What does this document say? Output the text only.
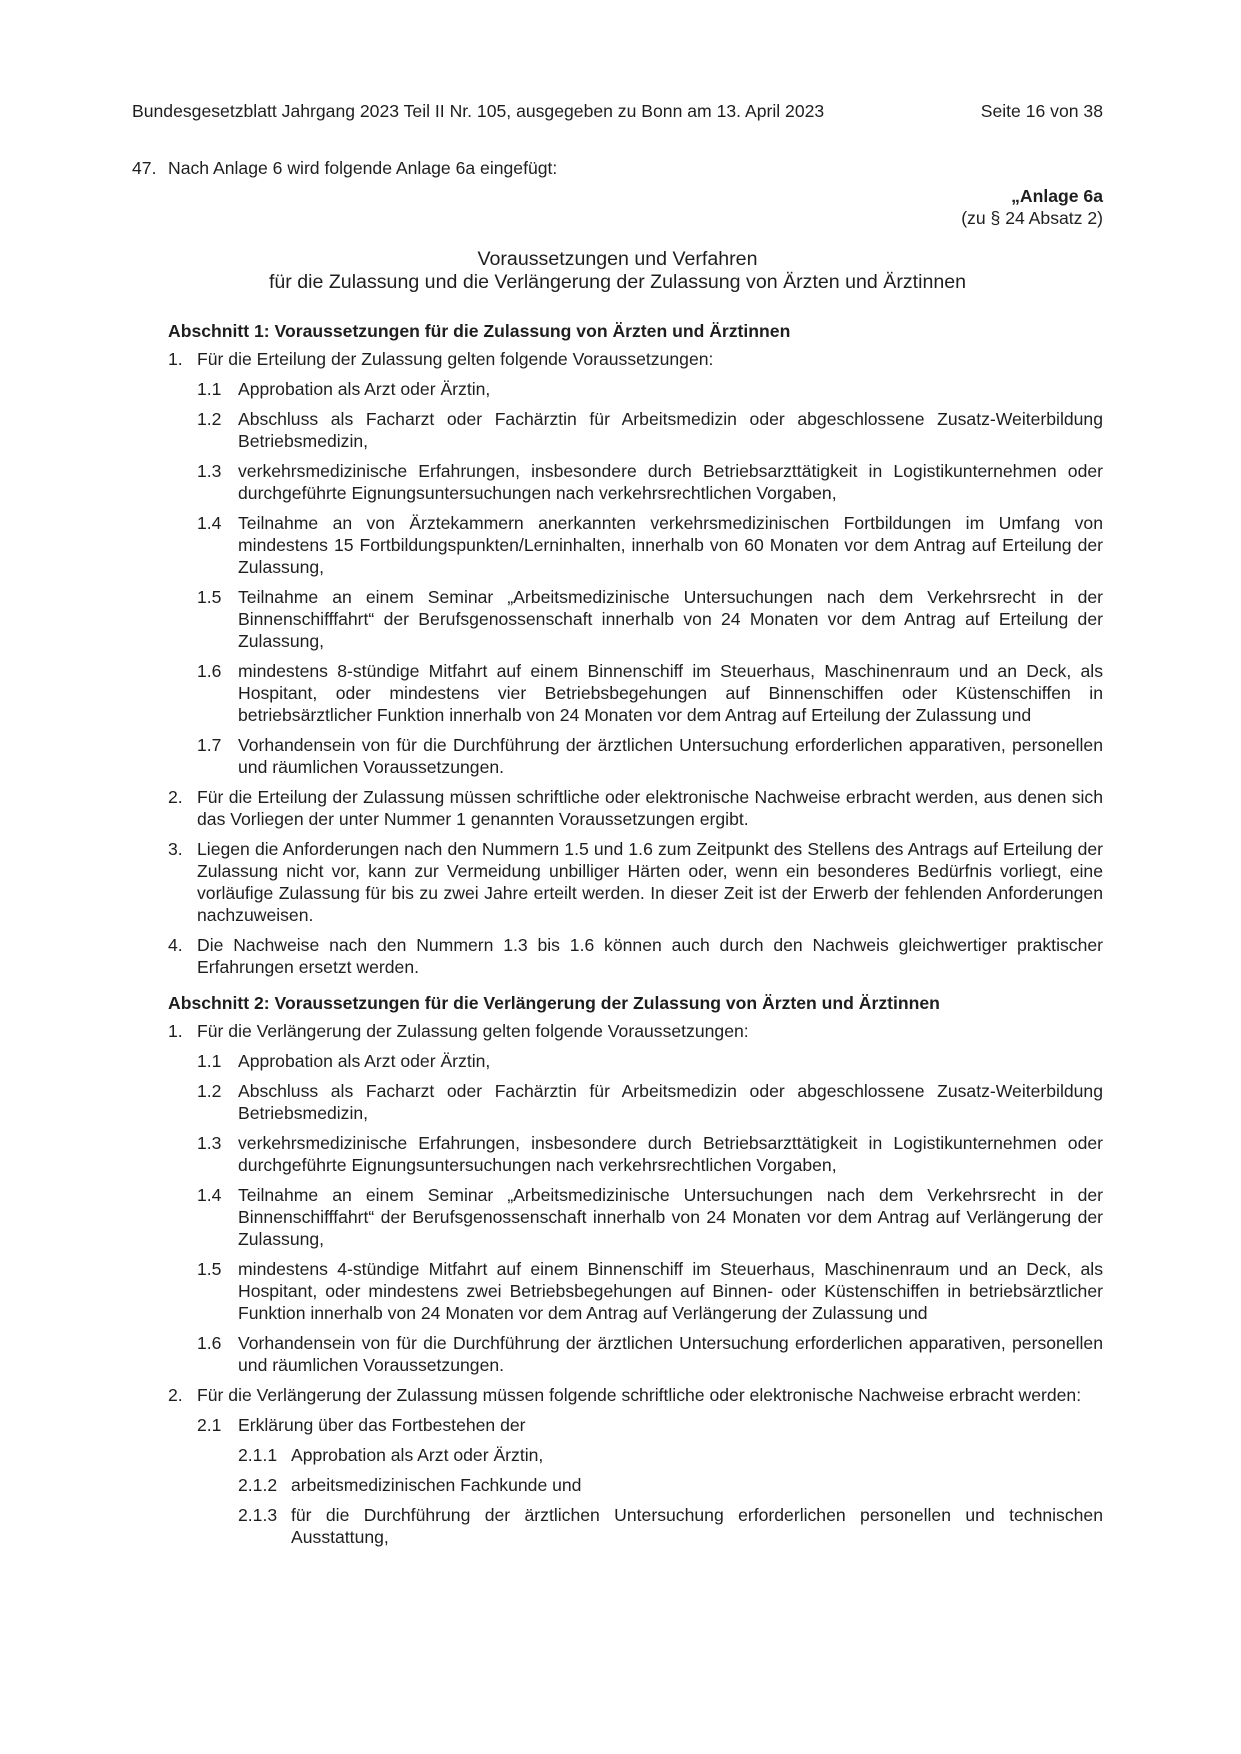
Bundesgesetzblatt Jahrgang 2023 Teil II Nr. 105, ausgegeben zu Bonn am 13. April 2023	Seite 16 von 38
47. Nach Anlage 6 wird folgende Anlage 6a eingefügt:
„Anlage 6a
(zu § 24 Absatz 2)
Voraussetzungen und Verfahren
für die Zulassung und die Verlängerung der Zulassung von Ärzten und Ärztinnen
Abschnitt 1: Voraussetzungen für die Zulassung von Ärzten und Ärztinnen
1. Für die Erteilung der Zulassung gelten folgende Voraussetzungen:
1.1 Approbation als Arzt oder Ärztin,
1.2 Abschluss als Facharzt oder Fachärztin für Arbeitsmedizin oder abgeschlossene Zusatz-Weiterbildung Betriebsmedizin,
1.3 verkehrsmedizinische Erfahrungen, insbesondere durch Betriebsarzttätigkeit in Logistikunternehmen oder durchgeführte Eignungsuntersuchungen nach verkehrsrechtlichen Vorgaben,
1.4 Teilnahme an von Ärztekammern anerkannten verkehrsmedizinischen Fortbildungen im Umfang von mindestens 15 Fortbildungspunkten/Lerninhalten, innerhalb von 60 Monaten vor dem Antrag auf Erteilung der Zulassung,
1.5 Teilnahme an einem Seminar „Arbeitsmedizinische Untersuchungen nach dem Verkehrsrecht in der Binnenschifffahrt“ der Berufsgenossenschaft innerhalb von 24 Monaten vor dem Antrag auf Erteilung der Zulassung,
1.6 mindestens 8-stündige Mitfahrt auf einem Binnenschiff im Steuerhaus, Maschinenraum und an Deck, als Hospitant, oder mindestens vier Betriebsbegehungen auf Binnenschiffen oder Küstenschiffen in betriebsärztlicher Funktion innerhalb von 24 Monaten vor dem Antrag auf Erteilung der Zulassung und
1.7 Vorhandensein von für die Durchführung der ärztlichen Untersuchung erforderlichen apparativen, personellen und räumlichen Voraussetzungen.
2. Für die Erteilung der Zulassung müssen schriftliche oder elektronische Nachweise erbracht werden, aus denen sich das Vorliegen der unter Nummer 1 genannten Voraussetzungen ergibt.
3. Liegen die Anforderungen nach den Nummern 1.5 und 1.6 zum Zeitpunkt des Stellens des Antrags auf Erteilung der Zulassung nicht vor, kann zur Vermeidung unbilliger Härten oder, wenn ein besonderes Bedürfnis vorliegt, eine vorläufige Zulassung für bis zu zwei Jahre erteilt werden. In dieser Zeit ist der Erwerb der fehlenden Anforderungen nachzuweisen.
4. Die Nachweise nach den Nummern 1.3 bis 1.6 können auch durch den Nachweis gleichwertiger praktischer Erfahrungen ersetzt werden.
Abschnitt 2: Voraussetzungen für die Verlängerung der Zulassung von Ärzten und Ärztinnen
1. Für die Verlängerung der Zulassung gelten folgende Voraussetzungen:
1.1 Approbation als Arzt oder Ärztin,
1.2 Abschluss als Facharzt oder Fachärztin für Arbeitsmedizin oder abgeschlossene Zusatz-Weiterbildung Betriebsmedizin,
1.3 verkehrsmedizinische Erfahrungen, insbesondere durch Betriebsarzttätigkeit in Logistikunternehmen oder durchgeführte Eignungsuntersuchungen nach verkehrsrechtlichen Vorgaben,
1.4 Teilnahme an einem Seminar „Arbeitsmedizinische Untersuchungen nach dem Verkehrsrecht in der Binnenschifffahrt“ der Berufsgenossenschaft innerhalb von 24 Monaten vor dem Antrag auf Verlängerung der Zulassung,
1.5 mindestens 4-stündige Mitfahrt auf einem Binnenschiff im Steuerhaus, Maschinenraum und an Deck, als Hospitant, oder mindestens zwei Betriebsbegehungen auf Binnen- oder Küstenschiffen in betriebsärztlicher Funktion innerhalb von 24 Monaten vor dem Antrag auf Verlängerung der Zulassung und
1.6 Vorhandensein von für die Durchführung der ärztlichen Untersuchung erforderlichen apparativen, personellen und räumlichen Voraussetzungen.
2. Für die Verlängerung der Zulassung müssen folgende schriftliche oder elektronische Nachweise erbracht werden:
2.1 Erklärung über das Fortbestehen der
2.1.1 Approbation als Arzt oder Ärztin,
2.1.2 arbeitsmedizinischen Fachkunde und
2.1.3 für die Durchführung der ärztlichen Untersuchung erforderlichen personellen und technischen Ausstattung,
